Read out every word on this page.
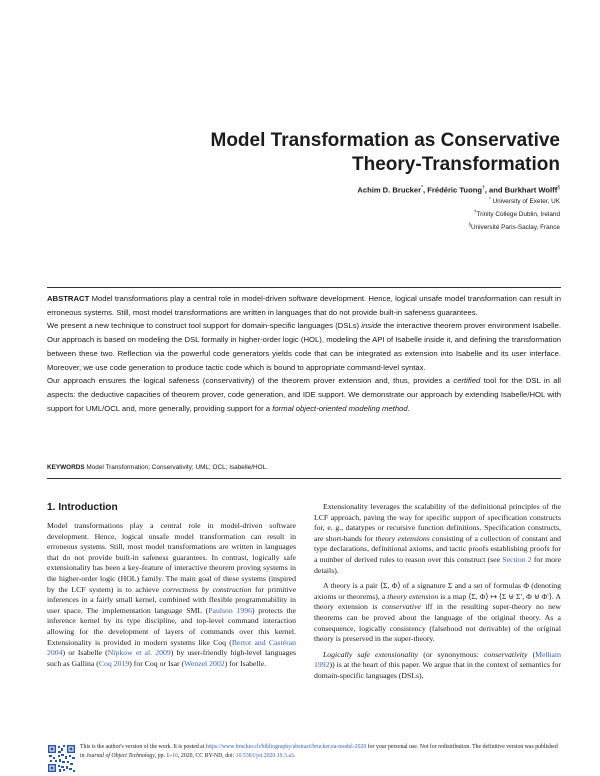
Model Transformation as Conservative
Theory-Transformation
Achim D. Brucker*, Frédéric Tuong†, and Burkhart Wolff§
* University of Exeter, UK
†Trinity College Dublin, Ireland
§Université Paris-Saclay, France

ABSTRACT Model transformations play a central role in model-driven software development. Hence, logical unsafe model transformation can result in erroneous systems. Still, most model transformations are written in languages that do not provide built-in safeness guarantees.

We present a new technique to construct tool support for domain-specific languages (DSLs) inside the interactive theorem prover environment Isabelle. Our approach is based on modeling the DSL formally in higher-order logic (HOL), modeling the API of Isabelle inside it, and defining the transformation between these two. Reflection via the powerful code generators yields code that can be integrated as extension into Isabelle and its user interface. Moreover, we use code generation to produce tactic code which is bound to appropriate command-level syntax.

Our approach ensures the logical safeness (conservativity) of the theorem prover extension and, thus, provides a certified tool for the DSL in all aspects: the deductive capacities of theorem prover, code generation, and IDE support. We demonstrate our approach by extending Isabelle/HOL with support for UML/OCL and, more generally, providing support for a formal object-oriented modeling method.

KEYWORDS Model Transformation; Conservativity; UML; OCL; Isabelle/HOL.
1. Introduction

Model transformations play a central role in model-driven software development. Hence, logical unsafe model transformation can result in erroneous systems. Still, most model transformations are written in languages that do not provide built-in safeness guarantees. In contrast, logically safe extensionality has been a key-feature of interactive theorem proving systems in the higher-order logic (HOL) family. The main goal of these systems (inspired by the LCF system) is to achieve correctness by construction for primitive inferences in a fairly small kernel, combined with flexible programmability in user space. The implementation language SML (Paulson 1996) protects the inference kernel by its type discipline, and top-level command interaction allowing for the development of layers of commands over this kernel. Extensionality is provided in modern systems like Coq (Bertot and Castéran 2004) or Isabelle (Nipkow et al. 2009) by user-friendly high-level languages such as Gallina (Coq 2019) for Coq or Isar (Wenzel 2002) for Isabelle.

Extensionality leverages the scalability of the definitional principles of the LCF approach, paving the way for specific support of specification constructs for, e. g., datatypes or recursive function definitions. Specification constructs, are short-hands for theory extensions consisting of a collection of constant and type declarations, definitional axioms, and tactic proofs establishing proofs for a number of derived rules to reason over this construct (see Section 2 for more details).

A theory is a pair ⟨Σ, Φ⟩ of a signature Σ and a set of formulas Φ (denoting axioms or theorems), a theory extension is a map ⟨Σ, Φ⟩ ↦ ⟨Σ ⊎ Σ′, Φ ⊎ Φ′⟩. A theory extension is conservative iff in the resulting super-theory no new theorems can be proved about the language of the original theory. As a consequence, logically consistency (falsehood not derivable) of the original theory is preserved in the super-theory.

Logically safe extensionality (or synonymous: conservativity (Melham 1992)) is at the heart of this paper. We argue that in the context of semantics for domain-specific languages (DSLs),

This is the author's version of the work. It is posted at https://www.brucker.ch/bibliography/abstract/brucker.ea-model-2020 for your personal use. Not for redistribution. The definitive version was published in Journal of Object Technology, pp. 1–16, 2020, CC BY-ND, doi: 10.5381/jot.2020.19.3.a3.
